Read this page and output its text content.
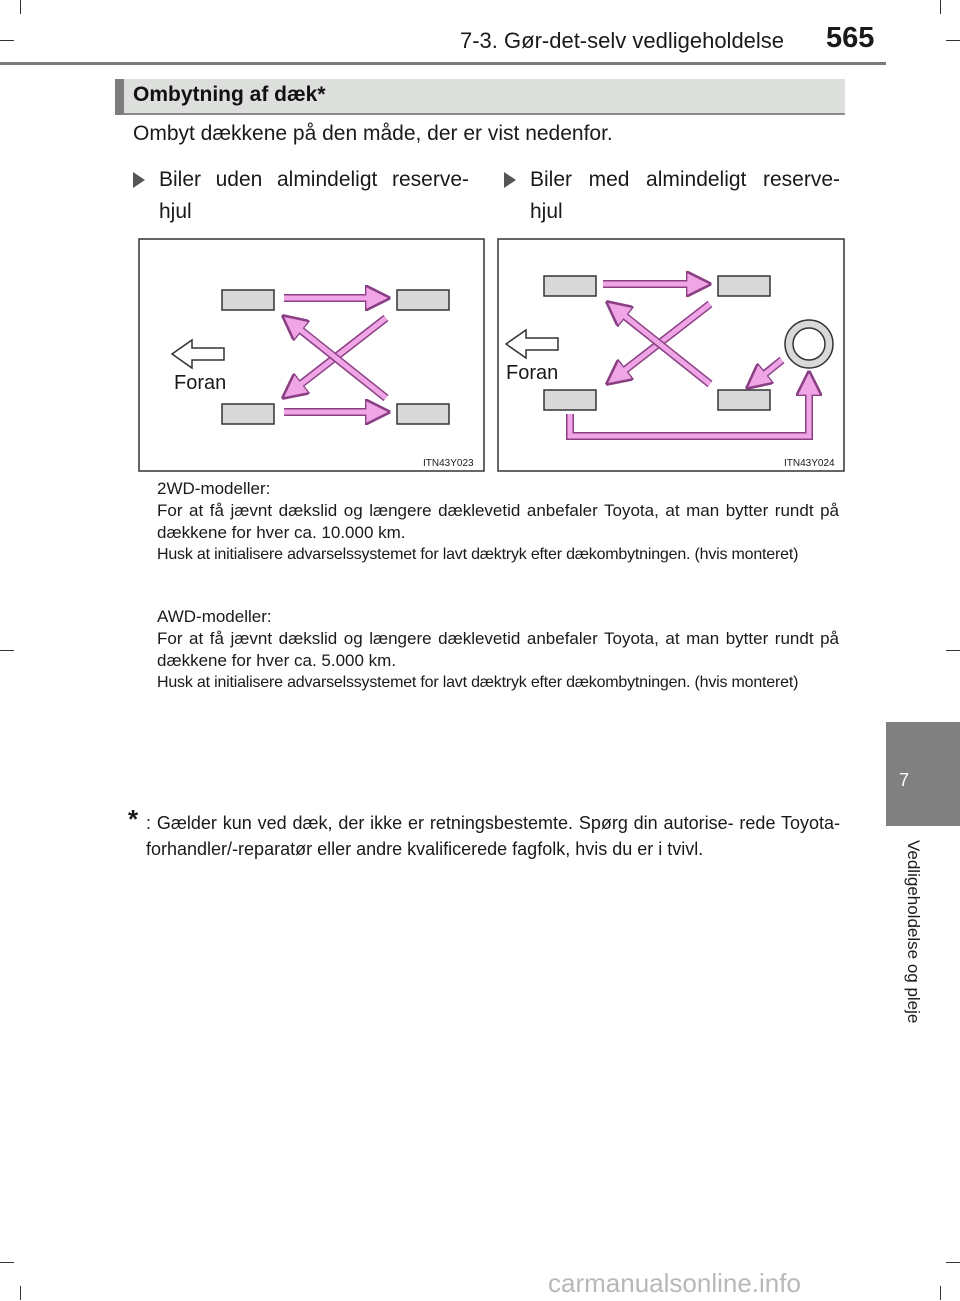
7-3. Gør-det-selv vedligeholdelse 565
7
Vedligeholdelse og pleje
Ombytning af dæk*
Ombyt dækkene på den måde, der er vist nedenfor.
Biler uden almindeligt reserve- hjul
Biler med almindeligt reserve- hjul
Foran
ITN43Y023
Foran
ITN43Y024

2WD-modeller:

For at få jævnt dækslid og længere dæklevetid anbefaler Toyota, at man bytter rundt på dækkene for hver ca. 10.000 km.

Husk at initialisere advarselssystemet for lavt dæktryk efter dækombytningen. (hvis monteret)

AWD-modeller:

For at få jævnt dækslid og længere dæklevetid anbefaler Toyota, at man bytter rundt på dækkene for hver ca. 5.000 km.

Husk at initialisere advarselssystemet for lavt dæktryk efter dækombytningen. (hvis monteret)

* : Gælder kun ved dæk, der ikke er retningsbestemte. Spørg din autorise- rede Toyota-forhandler/-reparatør eller andre kvalificerede fagfolk, hvis du er i tvivl.
carmanualsonline.info
